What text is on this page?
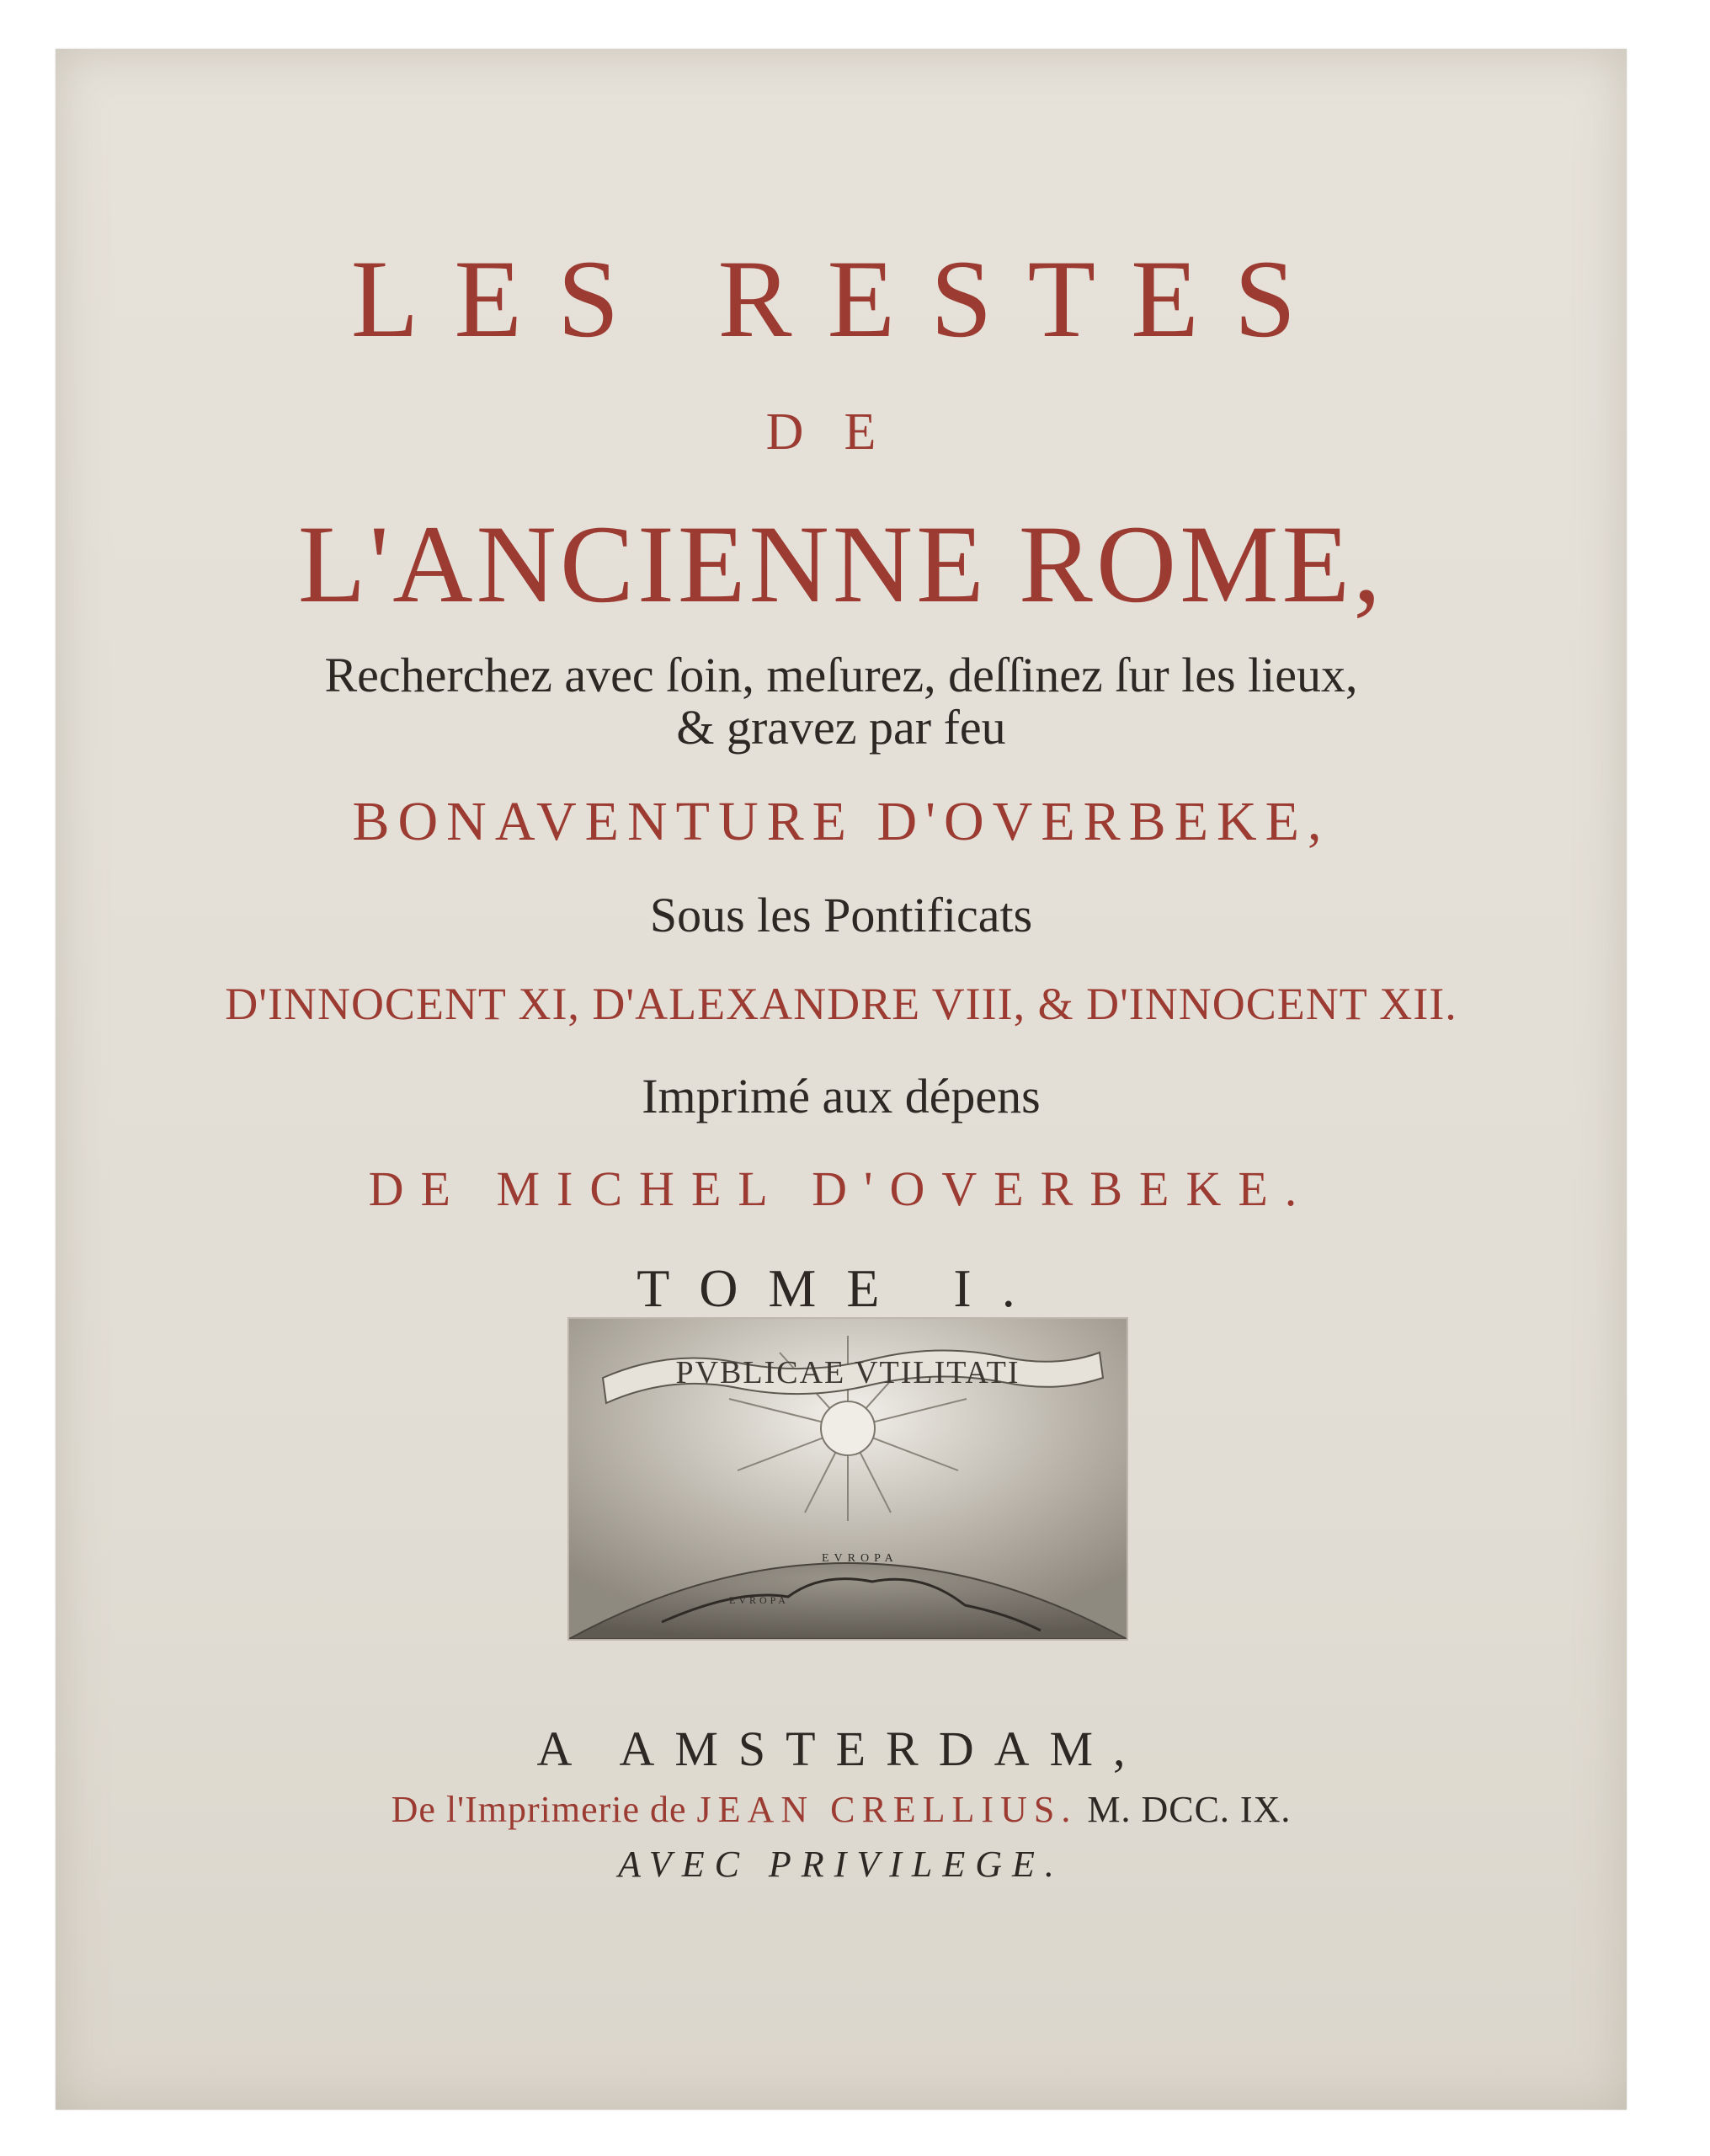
LES RESTES
DE
L'ANCIENNE ROME,
Recherchez avec ſoin, meſurez, deſſinez ſur les lieux,
& gravez par feu
BONAVENTURE D'OVERBEKE,
Sous les Pontificats
D'INNOCENT XI, D'ALEXANDRE VIII, & D'INNOCENT XII.
Imprimé aux dépens
DE MICHEL D'OVERBEKE.
TOME I.
PVBLICAE VTILITATI
EVROPA
EVROPA
A AMSTERDAM,
De l'Imprimerie de JEAN CRELLIUS. M. DCC. IX.
AVEC PRIVILEGE.
